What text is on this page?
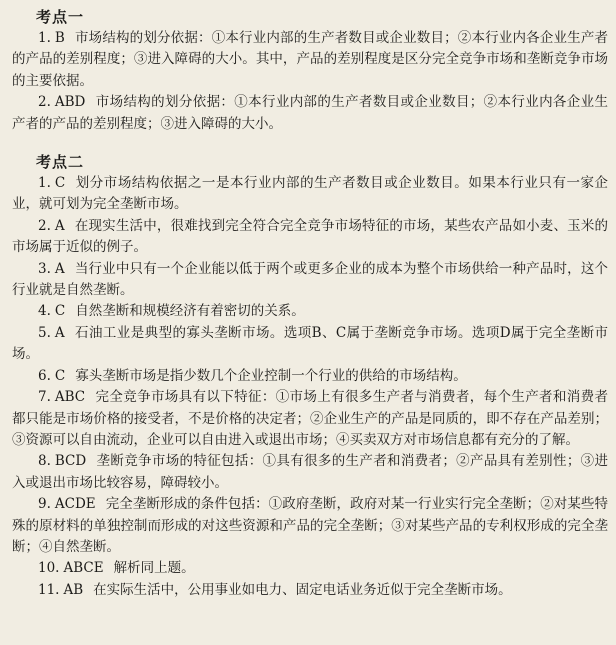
考点一

1. B 市场结构的划分依据：①本行业内部的生产者数目或企业数目；②本行业内各企业生产者的产品的差别程度；③进入障碍的大小。其中，产品的差别程度是区分完全竞争市场和垄断竞争市场的主要依据。

2. ABD 市场结构的划分依据：①本行业内部的生产者数目或企业数目；②本行业内各企业生产者的产品的差别程度；③进入障碍的大小。

考点二

1. C 划分市场结构依据之一是本行业内部的生产者数目或企业数目。如果本行业只有一家企业，就可划为完全垄断市场。

2. A 在现实生活中，很难找到完全符合完全竞争市场特征的市场，某些农产品如小麦、玉米的市场属于近似的例子。

3. A 当行业中只有一个企业能以低于两个或更多企业的成本为整个市场供给一种产品时，这个行业就是自然垄断。

4. C 自然垄断和规模经济有着密切的关系。

5. A 石油工业是典型的寡头垄断市场。选项B、C属于垄断竞争市场。选项D属于完全垄断市场。

6. C 寡头垄断市场是指少数几个企业控制一个行业的供给的市场结构。

7. ABC 完全竞争市场具有以下特征：①市场上有很多生产者与消费者，每个生产者和消费者都只能是市场价格的接受者，不是价格的决定者；②企业生产的产品是同质的，即不存在产品差别；③资源可以自由流动，企业可以自由进入或退出市场；④买卖双方对市场信息都有充分的了解。

8. BCD 垄断竞争市场的特征包括：①具有很多的生产者和消费者；②产品具有差别性；③进入或退出市场比较容易，障碍较小。

9. ACDE 完全垄断形成的条件包括：①政府垄断，政府对某一行业实行完全垄断；②对某些特殊的原材料的单独控制而形成的对这些资源和产品的完全垄断；③对某些产品的专利权形成的完全垄断；④自然垄断。

10. ABCE 解析同上题。

11. AB 在实际生活中，公用事业如电力、固定电话业务近似于完全垄断市场。
